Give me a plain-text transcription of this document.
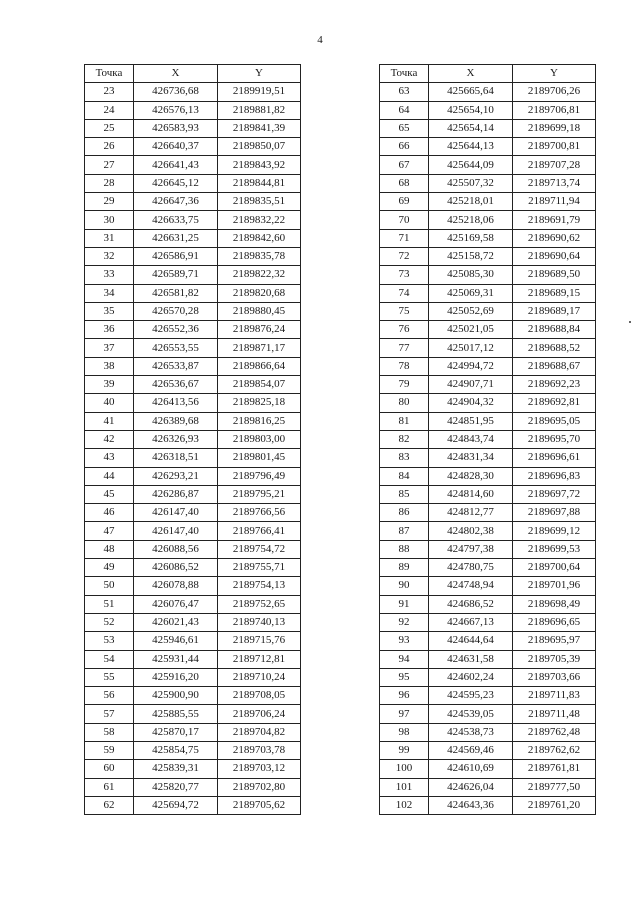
4
Точка	X	Y
23	426736,68	2189919,51
24	426576,13	2189881,82
25	426583,93	2189841,39
26	426640,37	2189850,07
27	426641,43	2189843,92
28	426645,12	2189844,81
29	426647,36	2189835,51
30	426633,75	2189832,22
31	426631,25	2189842,60
32	426586,91	2189835,78
33	426589,71	2189822,32
34	426581,82	2189820,68
35	426570,28	2189880,45
36	426552,36	2189876,24
37	426553,55	2189871,17
38	426533,87	2189866,64
39	426536,67	2189854,07
40	426413,56	2189825,18
41	426389,68	2189816,25
42	426326,93	2189803,00
43	426318,51	2189801,45
44	426293,21	2189796,49
45	426286,87	2189795,21
46	426147,40	2189766,56
47	426147,40	2189766,41
48	426088,56	2189754,72
49	426086,52	2189755,71
50	426078,88	2189754,13
51	426076,47	2189752,65
52	426021,43	2189740,13
53	425946,61	2189715,76
54	425931,44	2189712,81
55	425916,20	2189710,24
56	425900,90	2189708,05
57	425885,55	2189706,24
58	425870,17	2189704,82
59	425854,75	2189703,78
60	425839,31	2189703,12
61	425820,77	2189702,80
62	425694,72	2189705,62
Точка	X	Y
63	425665,64	2189706,26
64	425654,10	2189706,81
65	425654,14	2189699,18
66	425644,13	2189700,81
67	425644,09	2189707,28
68	425507,32	2189713,74
69	425218,01	2189711,94
70	425218,06	2189691,79
71	425169,58	2189690,62
72	425158,72	2189690,64
73	425085,30	2189689,50
74	425069,31	2189689,15
75	425052,69	2189689,17
76	425021,05	2189688,84
77	425017,12	2189688,52
78	424994,72	2189688,67
79	424907,71	2189692,23
80	424904,32	2189692,81
81	424851,95	2189695,05
82	424843,74	2189695,70
83	424831,34	2189696,61
84	424828,30	2189696,83
85	424814,60	2189697,72
86	424812,77	2189697,88
87	424802,38	2189699,12
88	424797,38	2189699,53
89	424780,75	2189700,64
90	424748,94	2189701,96
91	424686,52	2189698,49
92	424667,13	2189696,65
93	424644,64	2189695,97
94	424631,58	2189705,39
95	424602,24	2189703,66
96	424595,23	2189711,83
97	424539,05	2189711,48
98	424538,73	2189762,48
99	424569,46	2189762,62
100	424610,69	2189761,81
101	424626,04	2189777,50
102	424643,36	2189761,20
